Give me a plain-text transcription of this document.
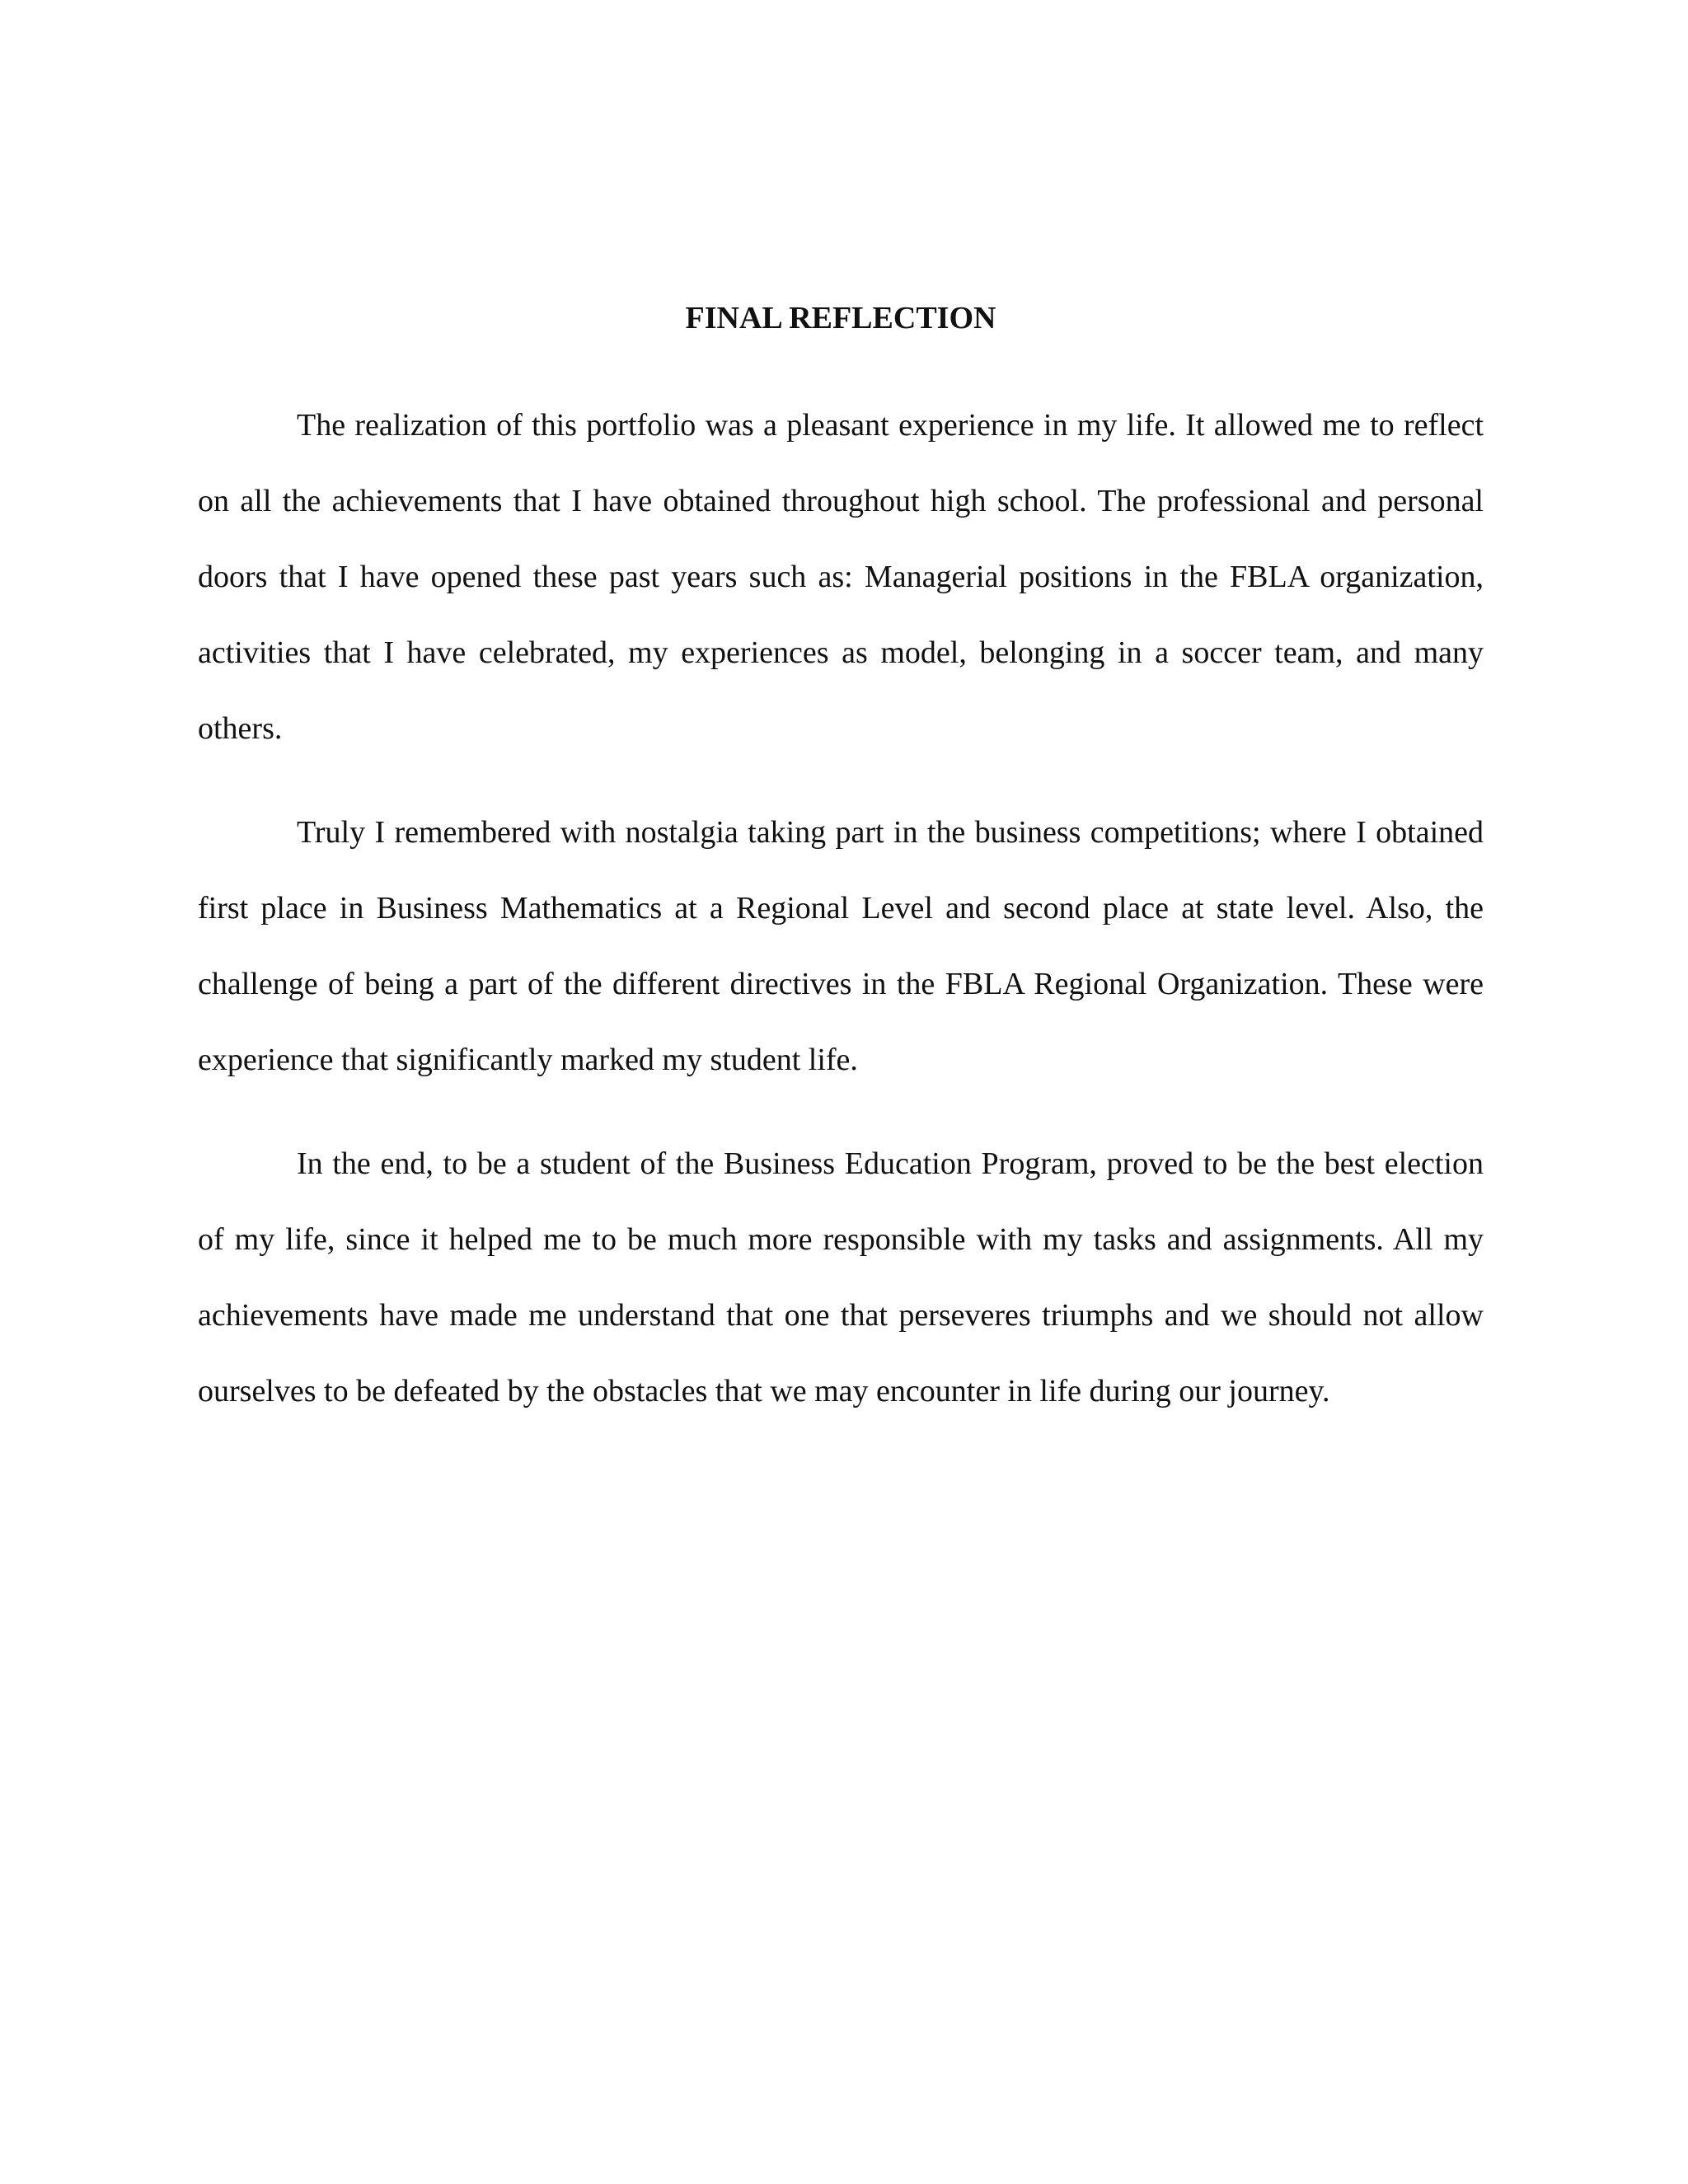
FINAL REFLECTION

The realization of this portfolio was a pleasant experience in my life. It allowed me to reflect on all the achievements that I have obtained throughout high school. The professional and personal doors that I have opened these past years such as: Managerial positions in the FBLA organization, activities that I have celebrated, my experiences as model, belonging in a soccer team, and many others.

Truly I remembered with nostalgia taking part in the business competitions; where I obtained first place in Business Mathematics at a Regional Level and second place at state level. Also, the challenge of being a part of the different directives in the FBLA Regional Organization. These were experience that significantly marked my student life.

In the end, to be a student of the Business Education Program, proved to be the best election of my life, since it helped me to be much more responsible with my tasks and assignments. All my achievements have made me understand that one that perseveres triumphs and we should not allow ourselves to be defeated by the obstacles that we may encounter in life during our journey.
